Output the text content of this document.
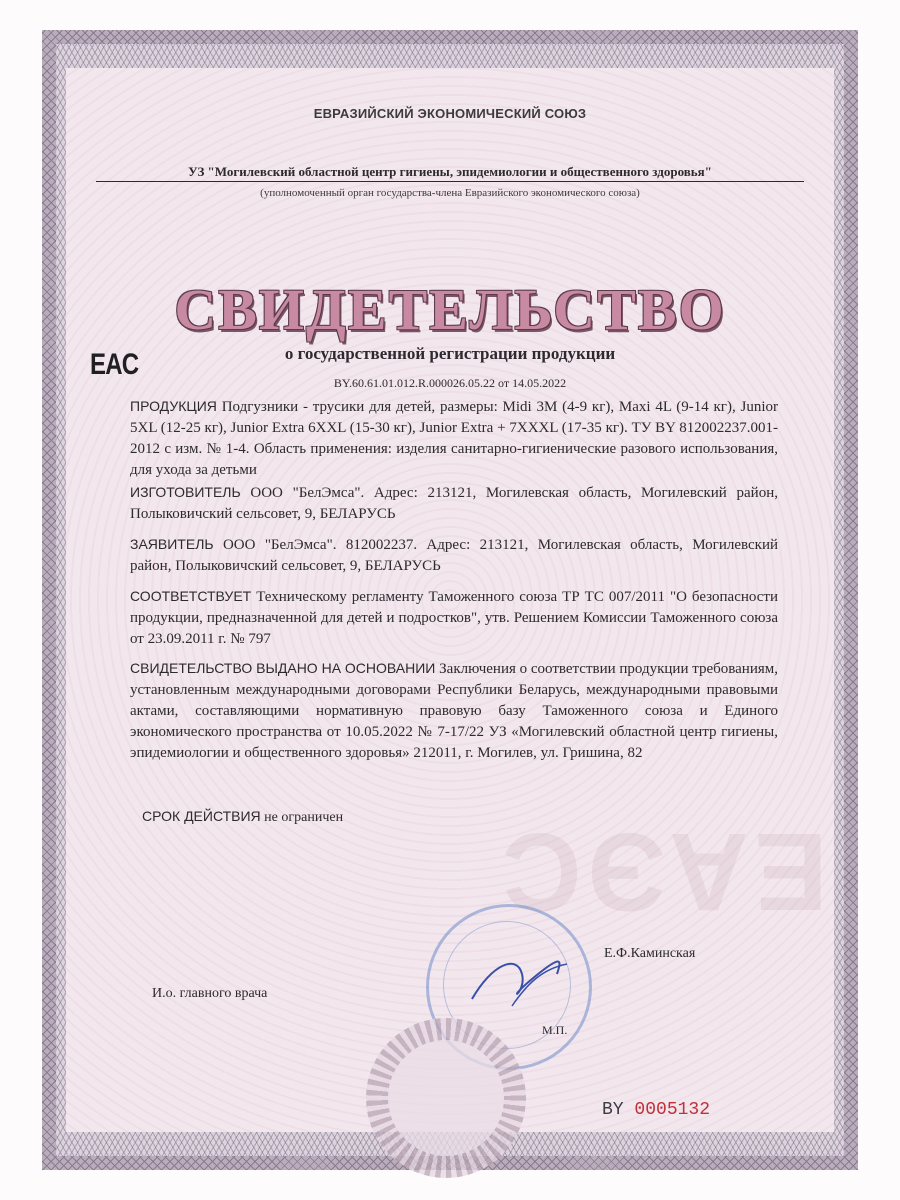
ЕАЭС
ЕВРАЗИЙСКИЙ ЭКОНОМИЧЕСКИЙ СОЮЗ
УЗ "Могилевский областной центр гигиены, эпидемиологии и общественного здоровья"
(уполномоченный орган государства-члена Евразийского экономического союза)
СВИДЕТЕЛЬСТВО
EAC	о государственной регистрации продукции
BY.60.61.01.012.R.000026.05.22 от 14.05.2022
ПРОДУКЦИЯ Подгузники - трусики для детей, размеры: Midi 3M (4-9 кг), Maxi 4L (9-14 кг), Junior 5XL (12-25 кг), Junior Extra 6XXL (15-30 кг), Junior Extra + 7XXXL (17-35 кг). ТУ BY 812002237.001-2012 с изм. № 1-4. Область применения: изделия санитарно-гигиенические разового использования, для ухода за детьми
ИЗГОТОВИТЕЛЬ ООО "БелЭмса". Адрес: 213121, Могилевская область, Могилевский район, Полыковичский сельсовет, 9, БЕЛАРУСЬ
ЗАЯВИТЕЛЬ ООО "БелЭмса". 812002237. Адрес: 213121, Могилевская область, Могилевский район, Полыковичский сельсовет, 9, БЕЛАРУСЬ
СООТВЕТСТВУЕТ Техническому регламенту Таможенного союза ТР ТС 007/2011 "О безопасности продукции, предназначенной для детей и подростков", утв. Решением Комиссии Таможенного союза от 23.09.2011 г. № 797
СВИДЕТЕЛЬСТВО ВЫДАНО НА ОСНОВАНИИ Заключения о соответствии продукции требованиям, установленным международными договорами Республики Беларусь, международными правовыми актами, составляющими нормативную правовую базу Таможенного союза и Единого экономического пространства от 10.05.2022 № 7-17/22 УЗ «Могилевский областной центр гигиены, эпидемиологии и общественного здоровья» 212011, г. Могилев, ул. Гришина, 82
СРОК ДЕЙСТВИЯ не ограничен
И.о. главного врача
Е.Ф.Каминская
М.П.
BY 0005132
